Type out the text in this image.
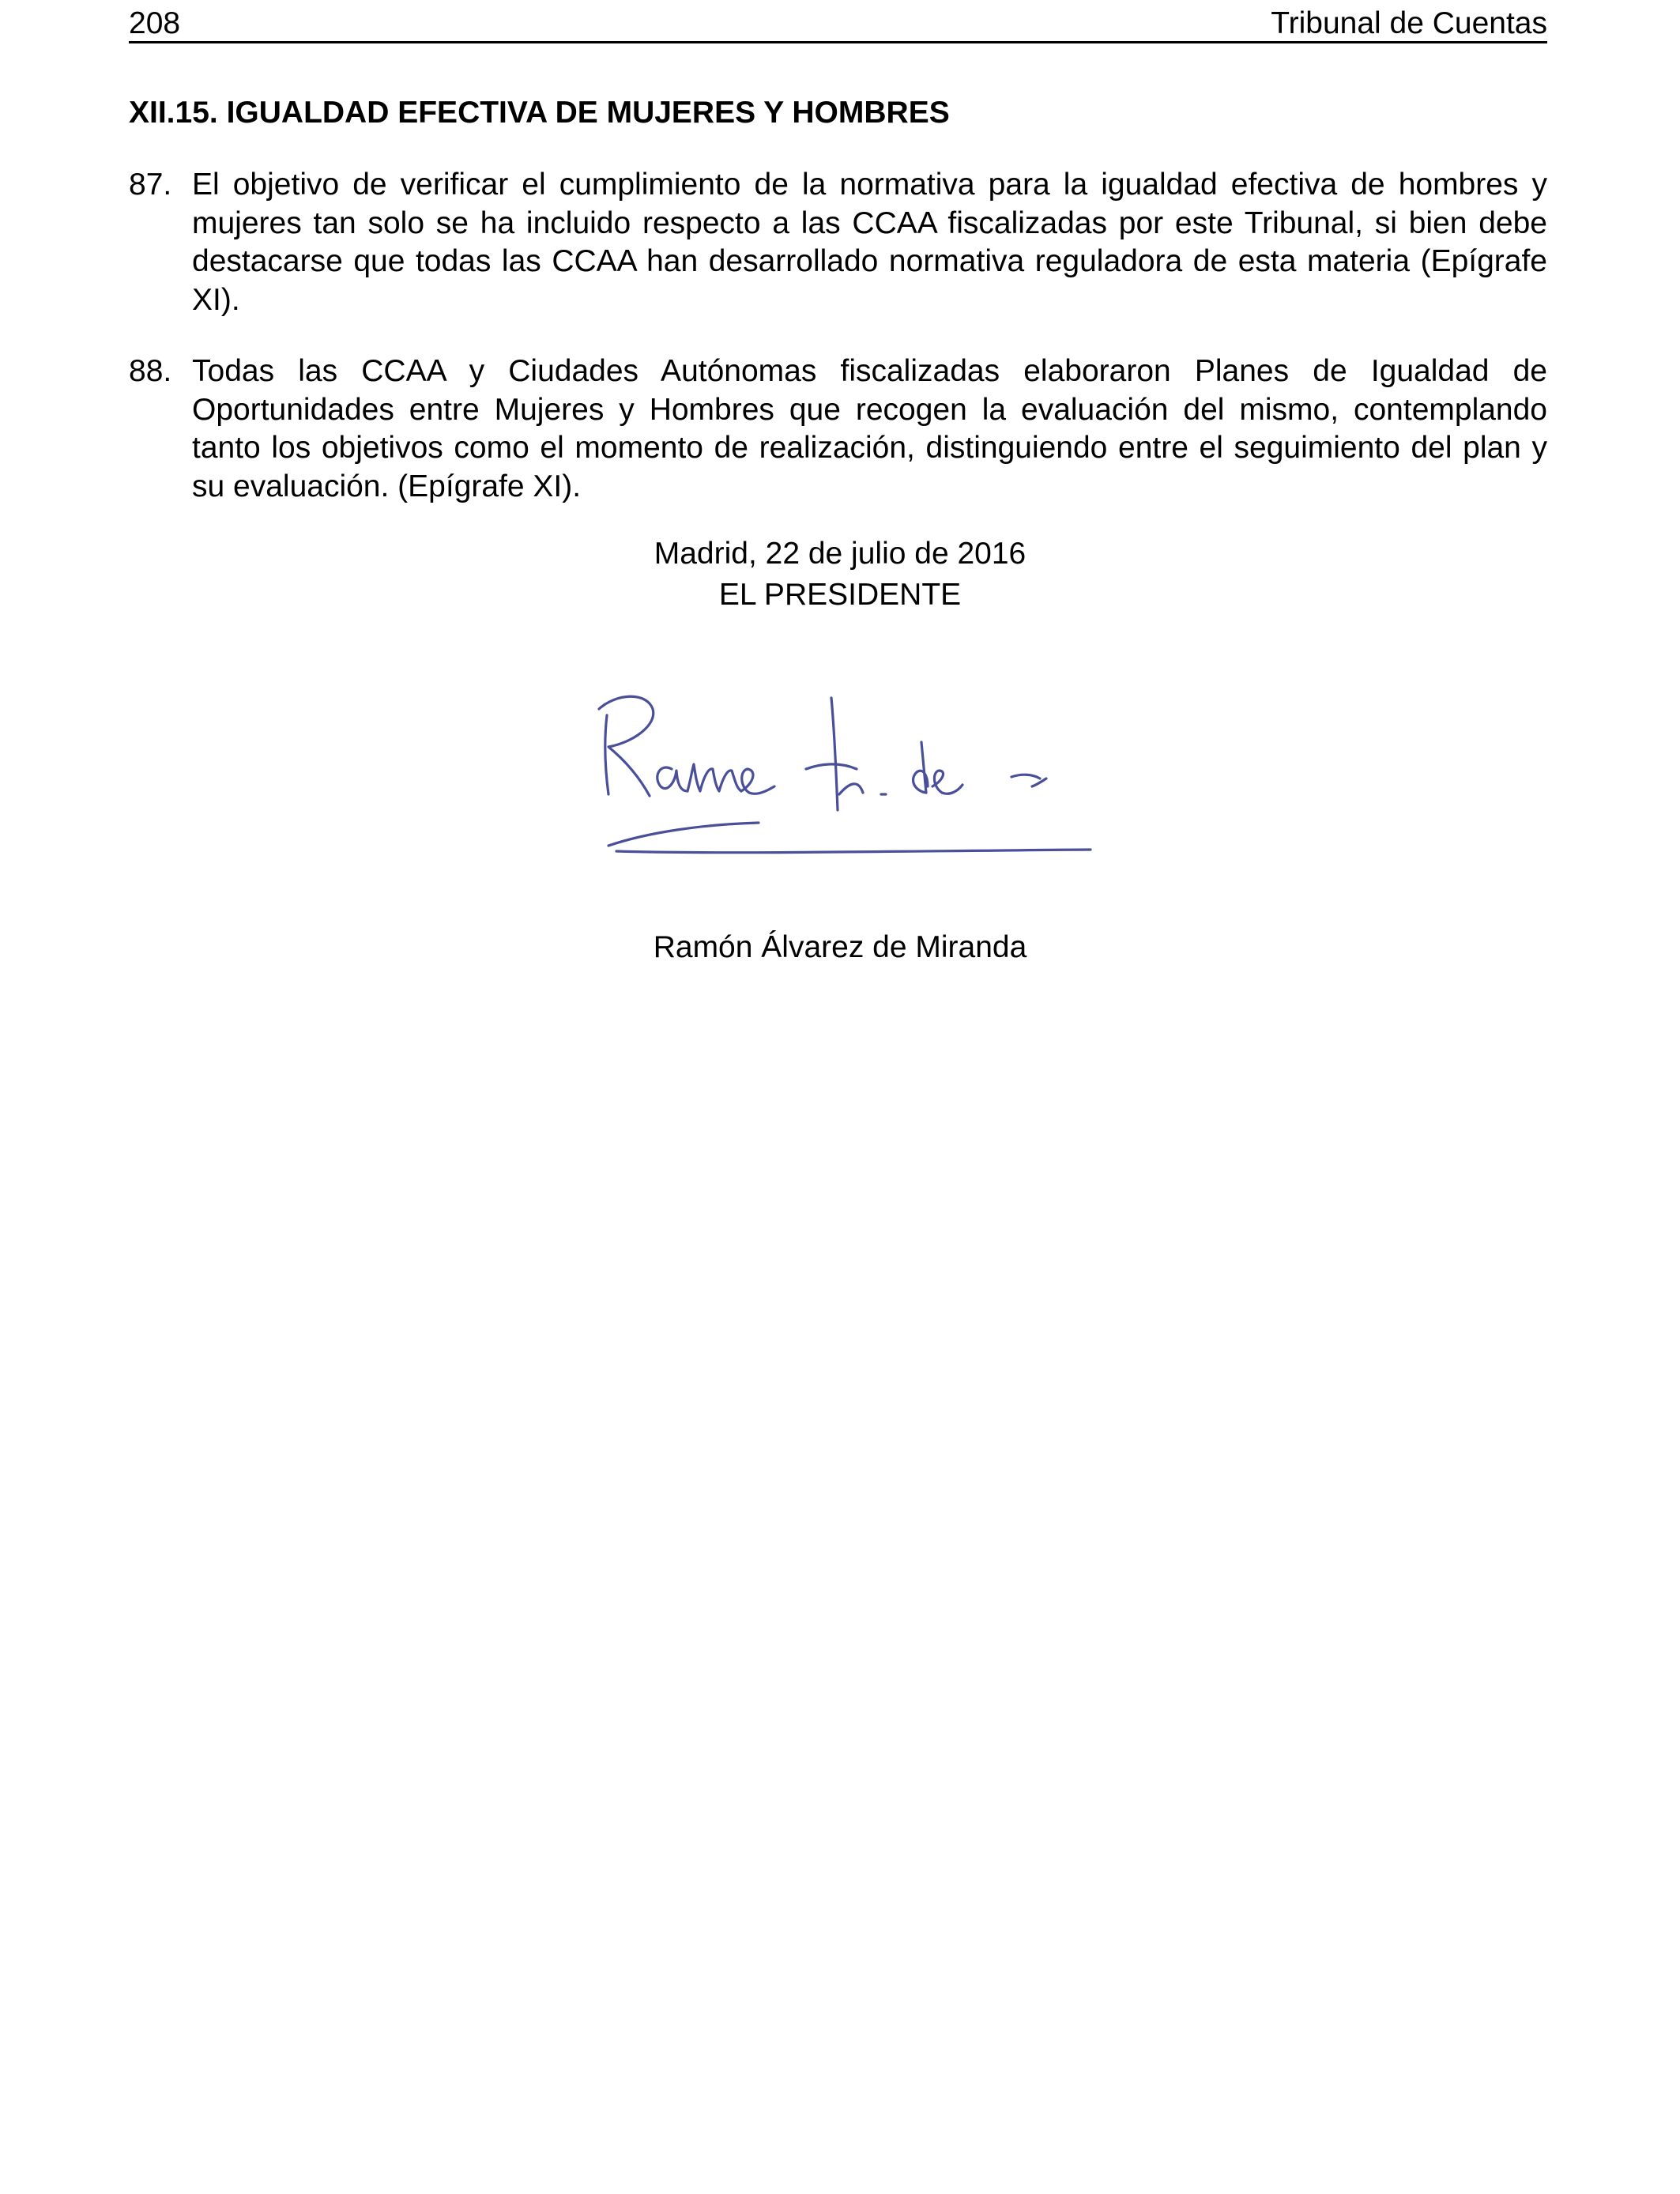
208	Tribunal de Cuentas
XII.15. IGUALDAD EFECTIVA DE MUJERES Y HOMBRES
87. El objetivo de verificar el cumplimiento de la normativa para la igualdad efectiva de hombres y mujeres tan solo se ha incluido respecto a las CCAA fiscalizadas por este Tribunal, si bien debe destacarse que todas las CCAA han desarrollado normativa reguladora de esta materia (Epígrafe XI).
88. Todas las CCAA y Ciudades Autónomas fiscalizadas elaboraron Planes de Igualdad de Oportunidades entre Mujeres y Hombres que recogen la evaluación del mismo, contemplando tanto los objetivos como el momento de realización, distinguiendo entre el seguimiento del plan y su evaluación. (Epígrafe XI).
Madrid, 22 de julio de 2016
EL PRESIDENTE
Ramón Álvarez de Miranda
